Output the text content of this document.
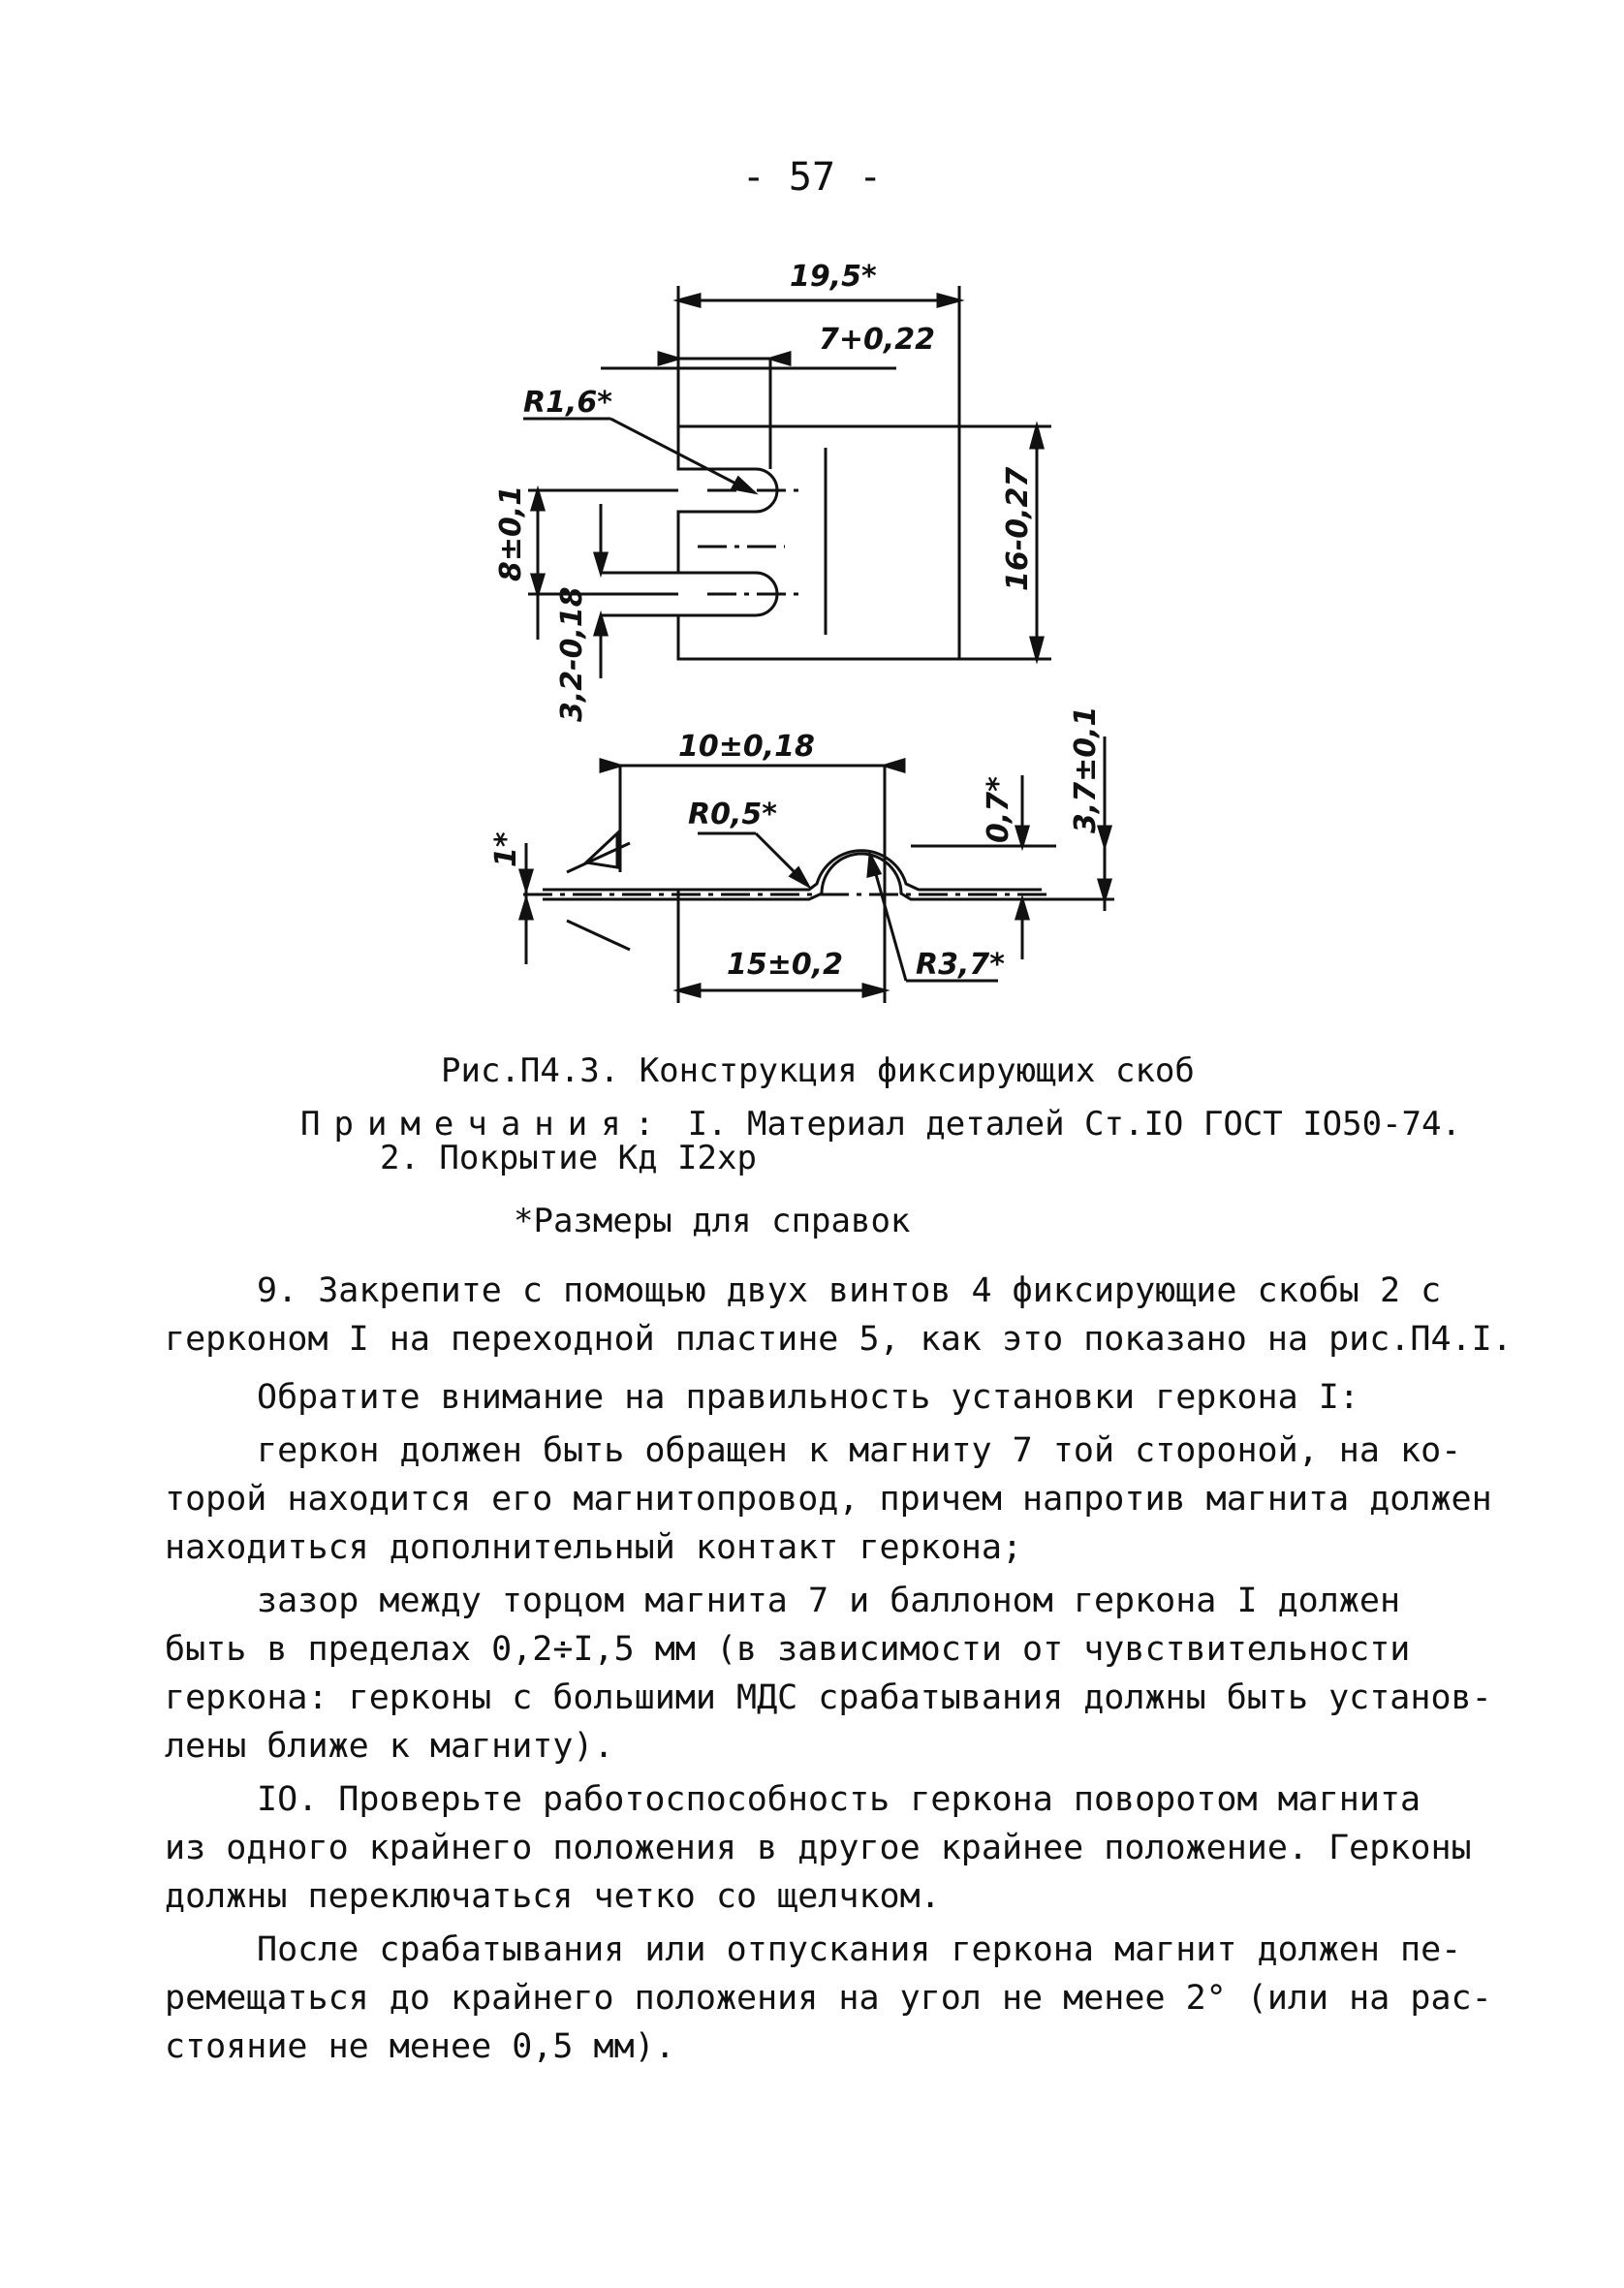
- 57 -
19,5*
7+0,22
R1,6*
8±0,1	16-0,27
3,2-0,18
10±0,18
R0,5*	0,7* 3,7±0,1
1*
15±0,2 R3,7*
Рис.П4.3. Конструкция фиксирующих скоб
Примечания: I. Материал деталей Ст.IO ГОСТ IO50-74.
2. Покрытие Кд I2хр
*Размеры для справок
9. Закрепите с помощью двух винтов 4 фиксирующие скобы 2 с
герконом I на переходной пластине 5, как это показано на рис.П4.I.
Обратите внимание на правильность установки геркона I:
геркон должен быть обращен к магниту 7 той стороной, на ко-
торой находится его магнитопровод, причем напротив магнита должен
находиться дополнительный контакт геркона;
зазор между торцом магнита 7 и баллоном геркона I должен
быть в пределах 0,2÷I,5 мм (в зависимости от чувствительности
геркона: герконы с большими МДС срабатывания должны быть установ-
лены ближе к магниту).
IO. Проверьте работоспособность геркона поворотом магнита
из одного крайнего положения в другое крайнее положение. Герконы
должны переключаться четко со щелчком.
После срабатывания или отпускания геркона магнит должен пе-
ремещаться до крайнего положения на угол не менее 2° (или на рас-
стояние не менее 0,5 мм).
